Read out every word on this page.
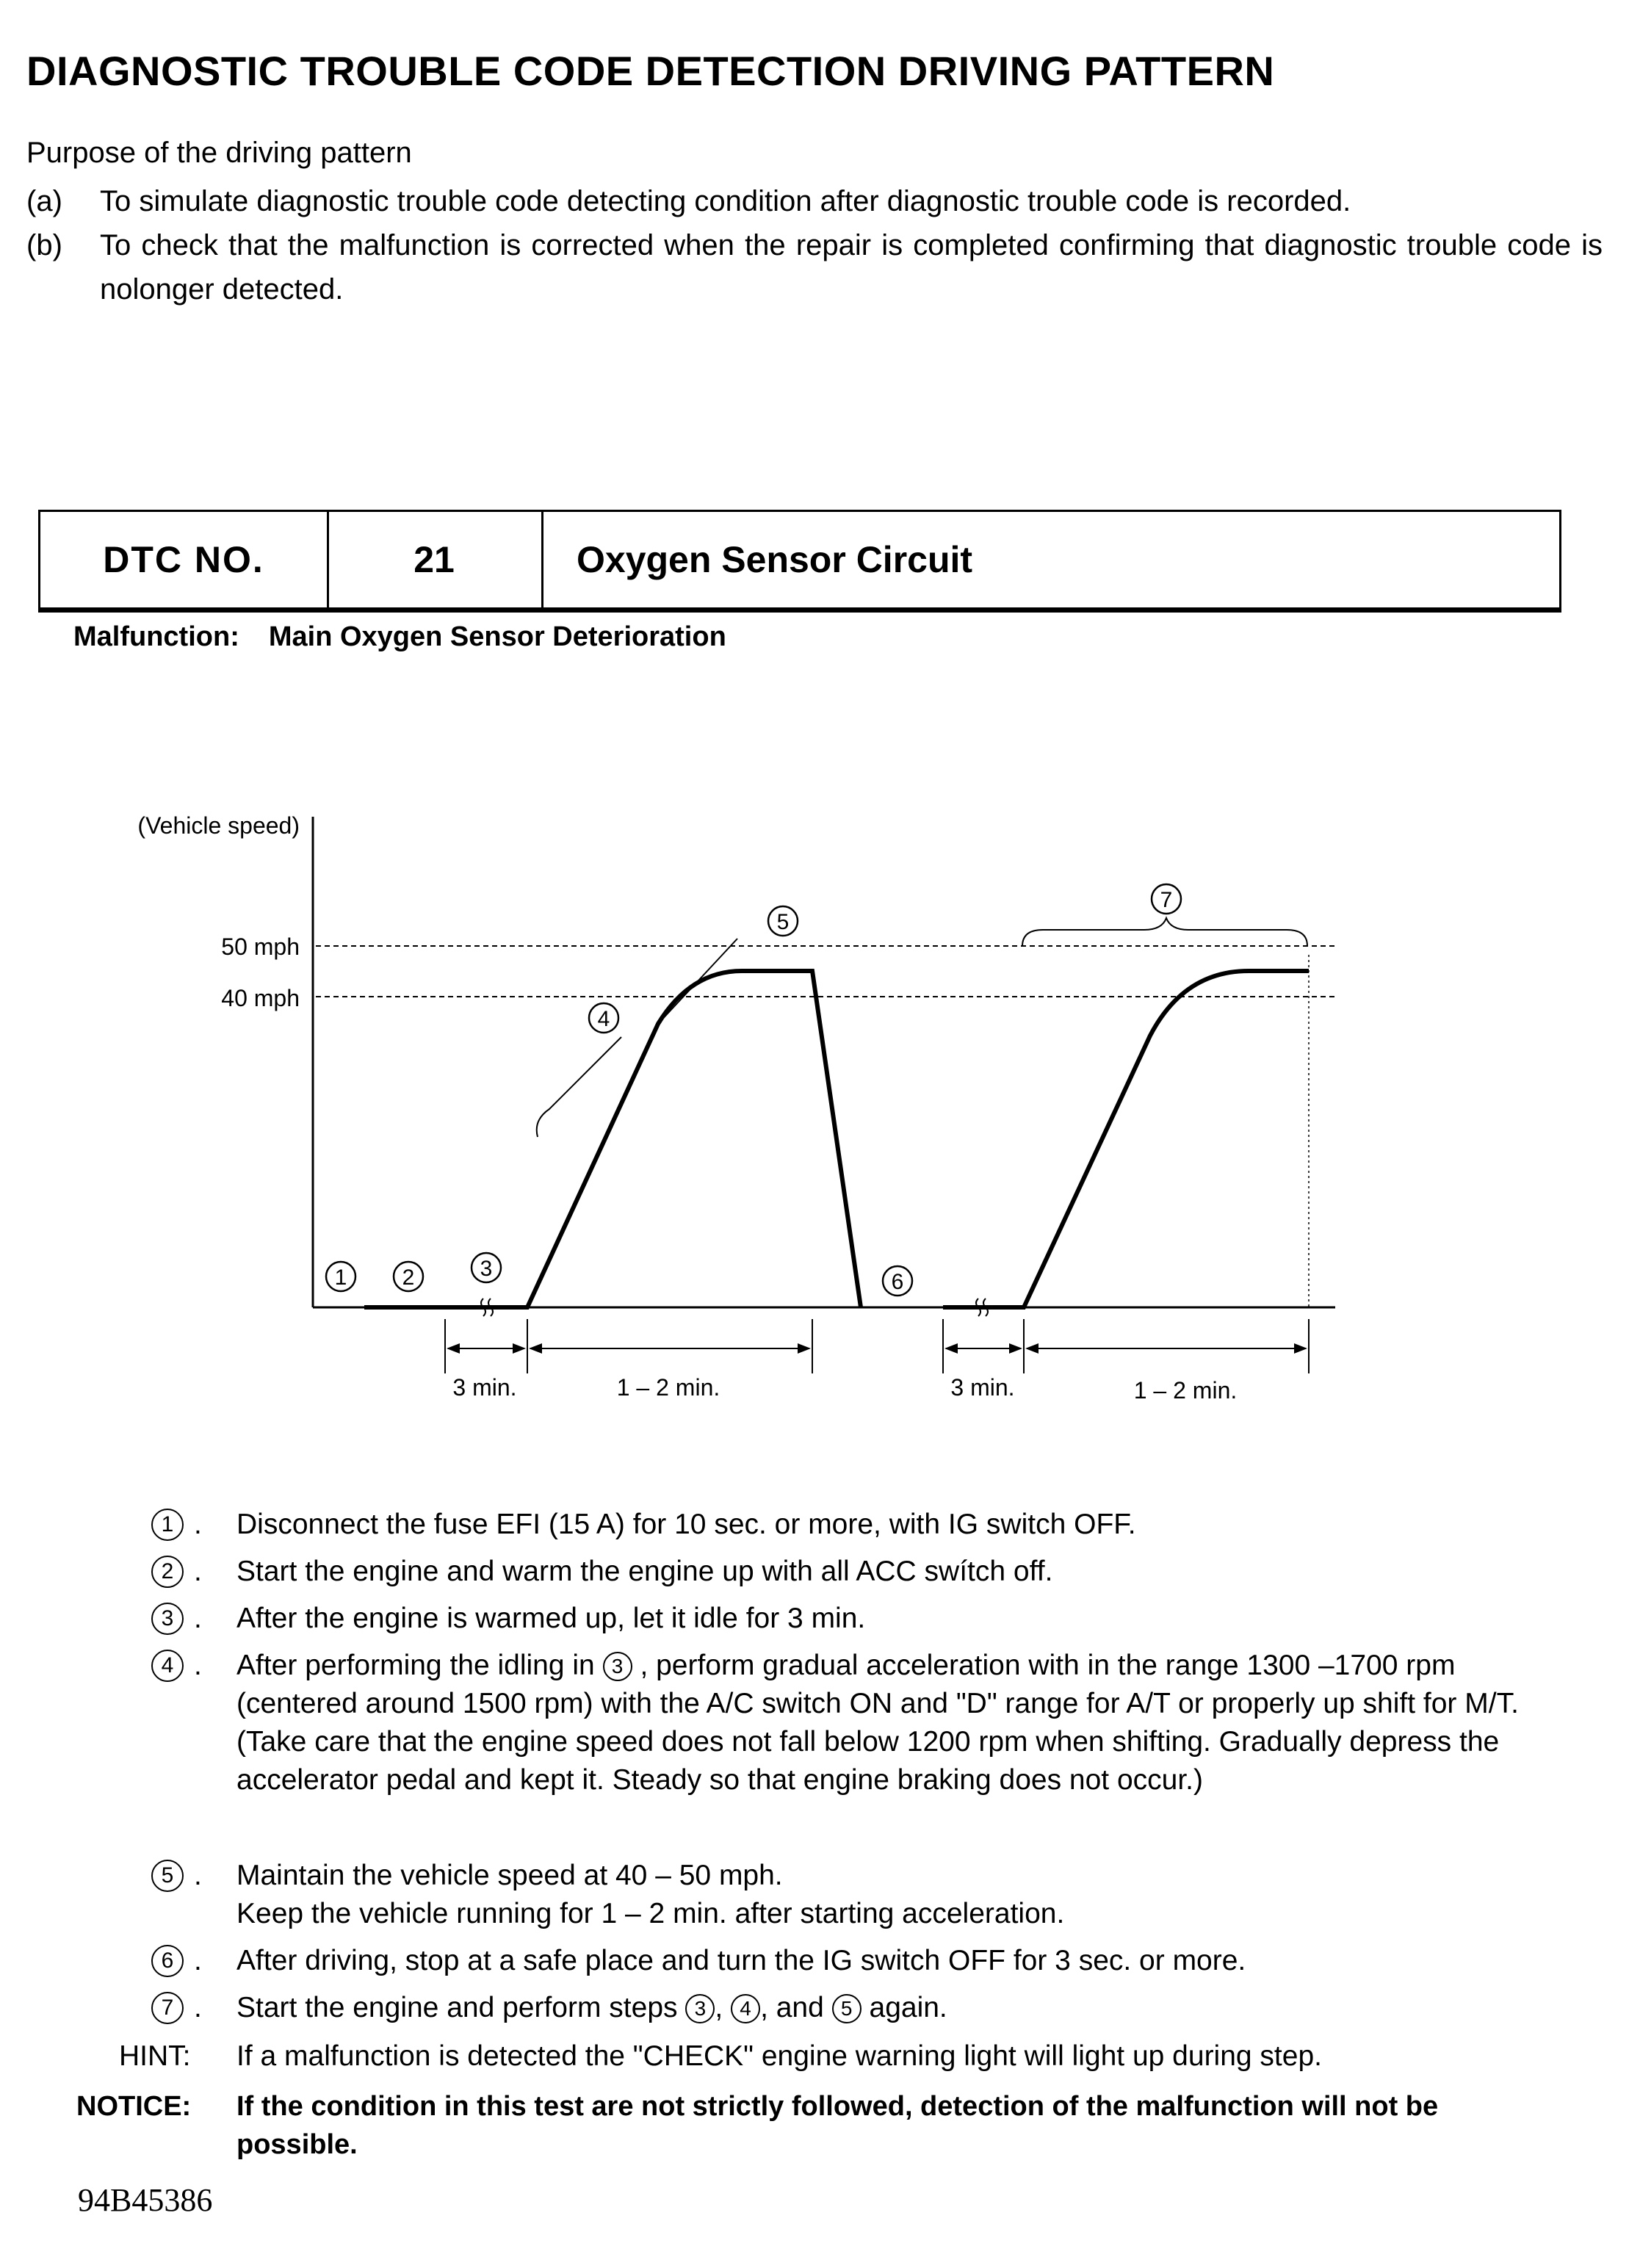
DIAGNOSTIC TROUBLE CODE DETECTION DRIVING PATTERN
Purpose of the driving pattern
(a) To simulate diagnostic trouble code detecting condition after diagnostic trouble code is recorded.
(b) To check that the malfunction is corrected when the repair is completed confirming that diagnostic trouble code is nolonger detected.
DTC NO.	21	Oxygen Sensor Circuit
Malfunction: Main Oxygen Sensor Deterioration
(Vehicle speed)
50 mph
40 mph
3 min.	1 – 2 min.	3 min.	1 – 2 min.
1	2	3
4
5
6
7
1 . Disconnect the fuse EFI (15 A) for 10 sec. or more, with IG switch OFF.
2 . Start the engine and warm the engine up with all ACC swítch off.
3 . After the engine is warmed up, let it idle for 3 min.
4 . After performing the idling in 3 , perform gradual acceleration with in the range 1300 –1700 rpm (centered around 1500 rpm) with the A/C switch ON and "D" range for A/T or properly up shift for M/T.

(Take care that the engine speed does not fall below 1200 rpm when shifting. Gradually depress the accelerator pedal and kept it. Steady so that engine braking does not occur.)

5 . Maintain the vehicle speed at 40 – 50 mph.

Keep the vehicle running for 1 – 2 min. after starting acceleration.

6 . After driving, stop at a safe place and turn the IG switch OFF for 3 sec. or more.
7 . Start the engine and perform steps 3 , 4 , and 5 again.
HINT: If a malfunction is detected the "CHECK" engine warning light will light up during step.
NOTICE: If the condition in this test are not strictly followed, detection of the malfunction will not be possible.
94B45386
